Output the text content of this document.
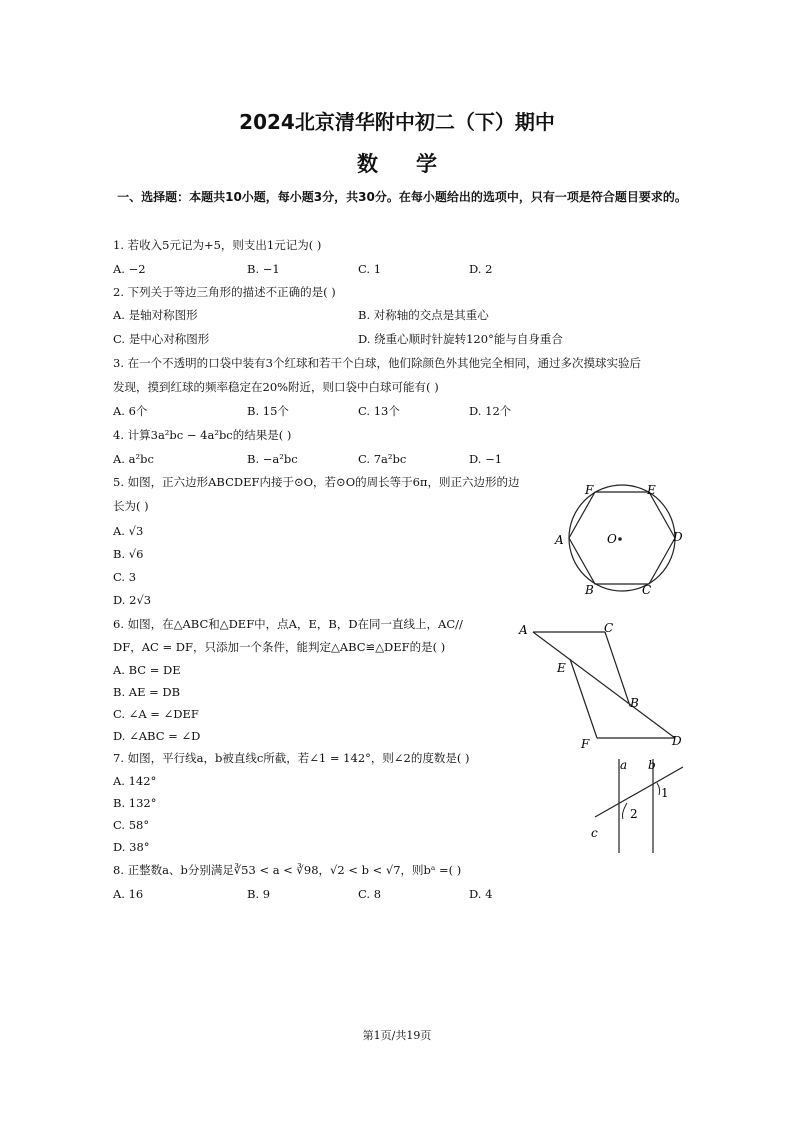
2024北京清华附中初二（下）期中
数学
一、选择题：本题共10小题，每小题3分，共30分。在每小题给出的选项中，只有一项是符合题目要求的。
1. 若收入5元记为+5，则支出1元记为( )
A. −2	B. −1	C. 1	D. 2
2. 下列关于等边三角形的描述不正确的是( )
A. 是轴对称图形	B. 对称轴的交点是其重心
C. 是中心对称图形	D. 绕重心顺时针旋转120°能与自身重合
3. 在一个不透明的口袋中装有3个红球和若干个白球，他们除颜色外其他完全相同，通过多次摸球实验后
发现，摸到红球的频率稳定在20%附近，则口袋中白球可能有( )
A. 6个	B. 15个	C. 13个	D. 12个
4. 计算3a²bc − 4a²bc的结果是( )
A. a²bc	B. −a²bc	C. 7a²bc	D. −1
5. 如图，正六边形ABCDEF内接于⊙O，若⊙O的周长等于6π，则正六边形的边
长为( )
A. √3
B. √6
C. 3
D. 2√3
6. 如图，在△ABC和△DEF中，点A，E，B，D在同一直线上，AC//
DF，AC = DF，只添加一个条件，能判定△ABC≌△DEF的是( )
A. BC = DE
B. AE = DB
C. ∠A = ∠DEF
D. ∠ABC = ∠D
7. 如图，平行线a，b被直线c所截，若∠1 = 142°，则∠2的度数是( )
A. 142°
B. 132°
C. 58°
D. 38°
8. 正整数a、b分别满足∛53 < a < ∛98，√2 < b < √7，则bᵃ =( )
A. 16	B. 9	C. 8	D. 4
F	E
D
C
B
A	O
A	C
E
B
F	D
a b
1
2
c
第1页/共19页
